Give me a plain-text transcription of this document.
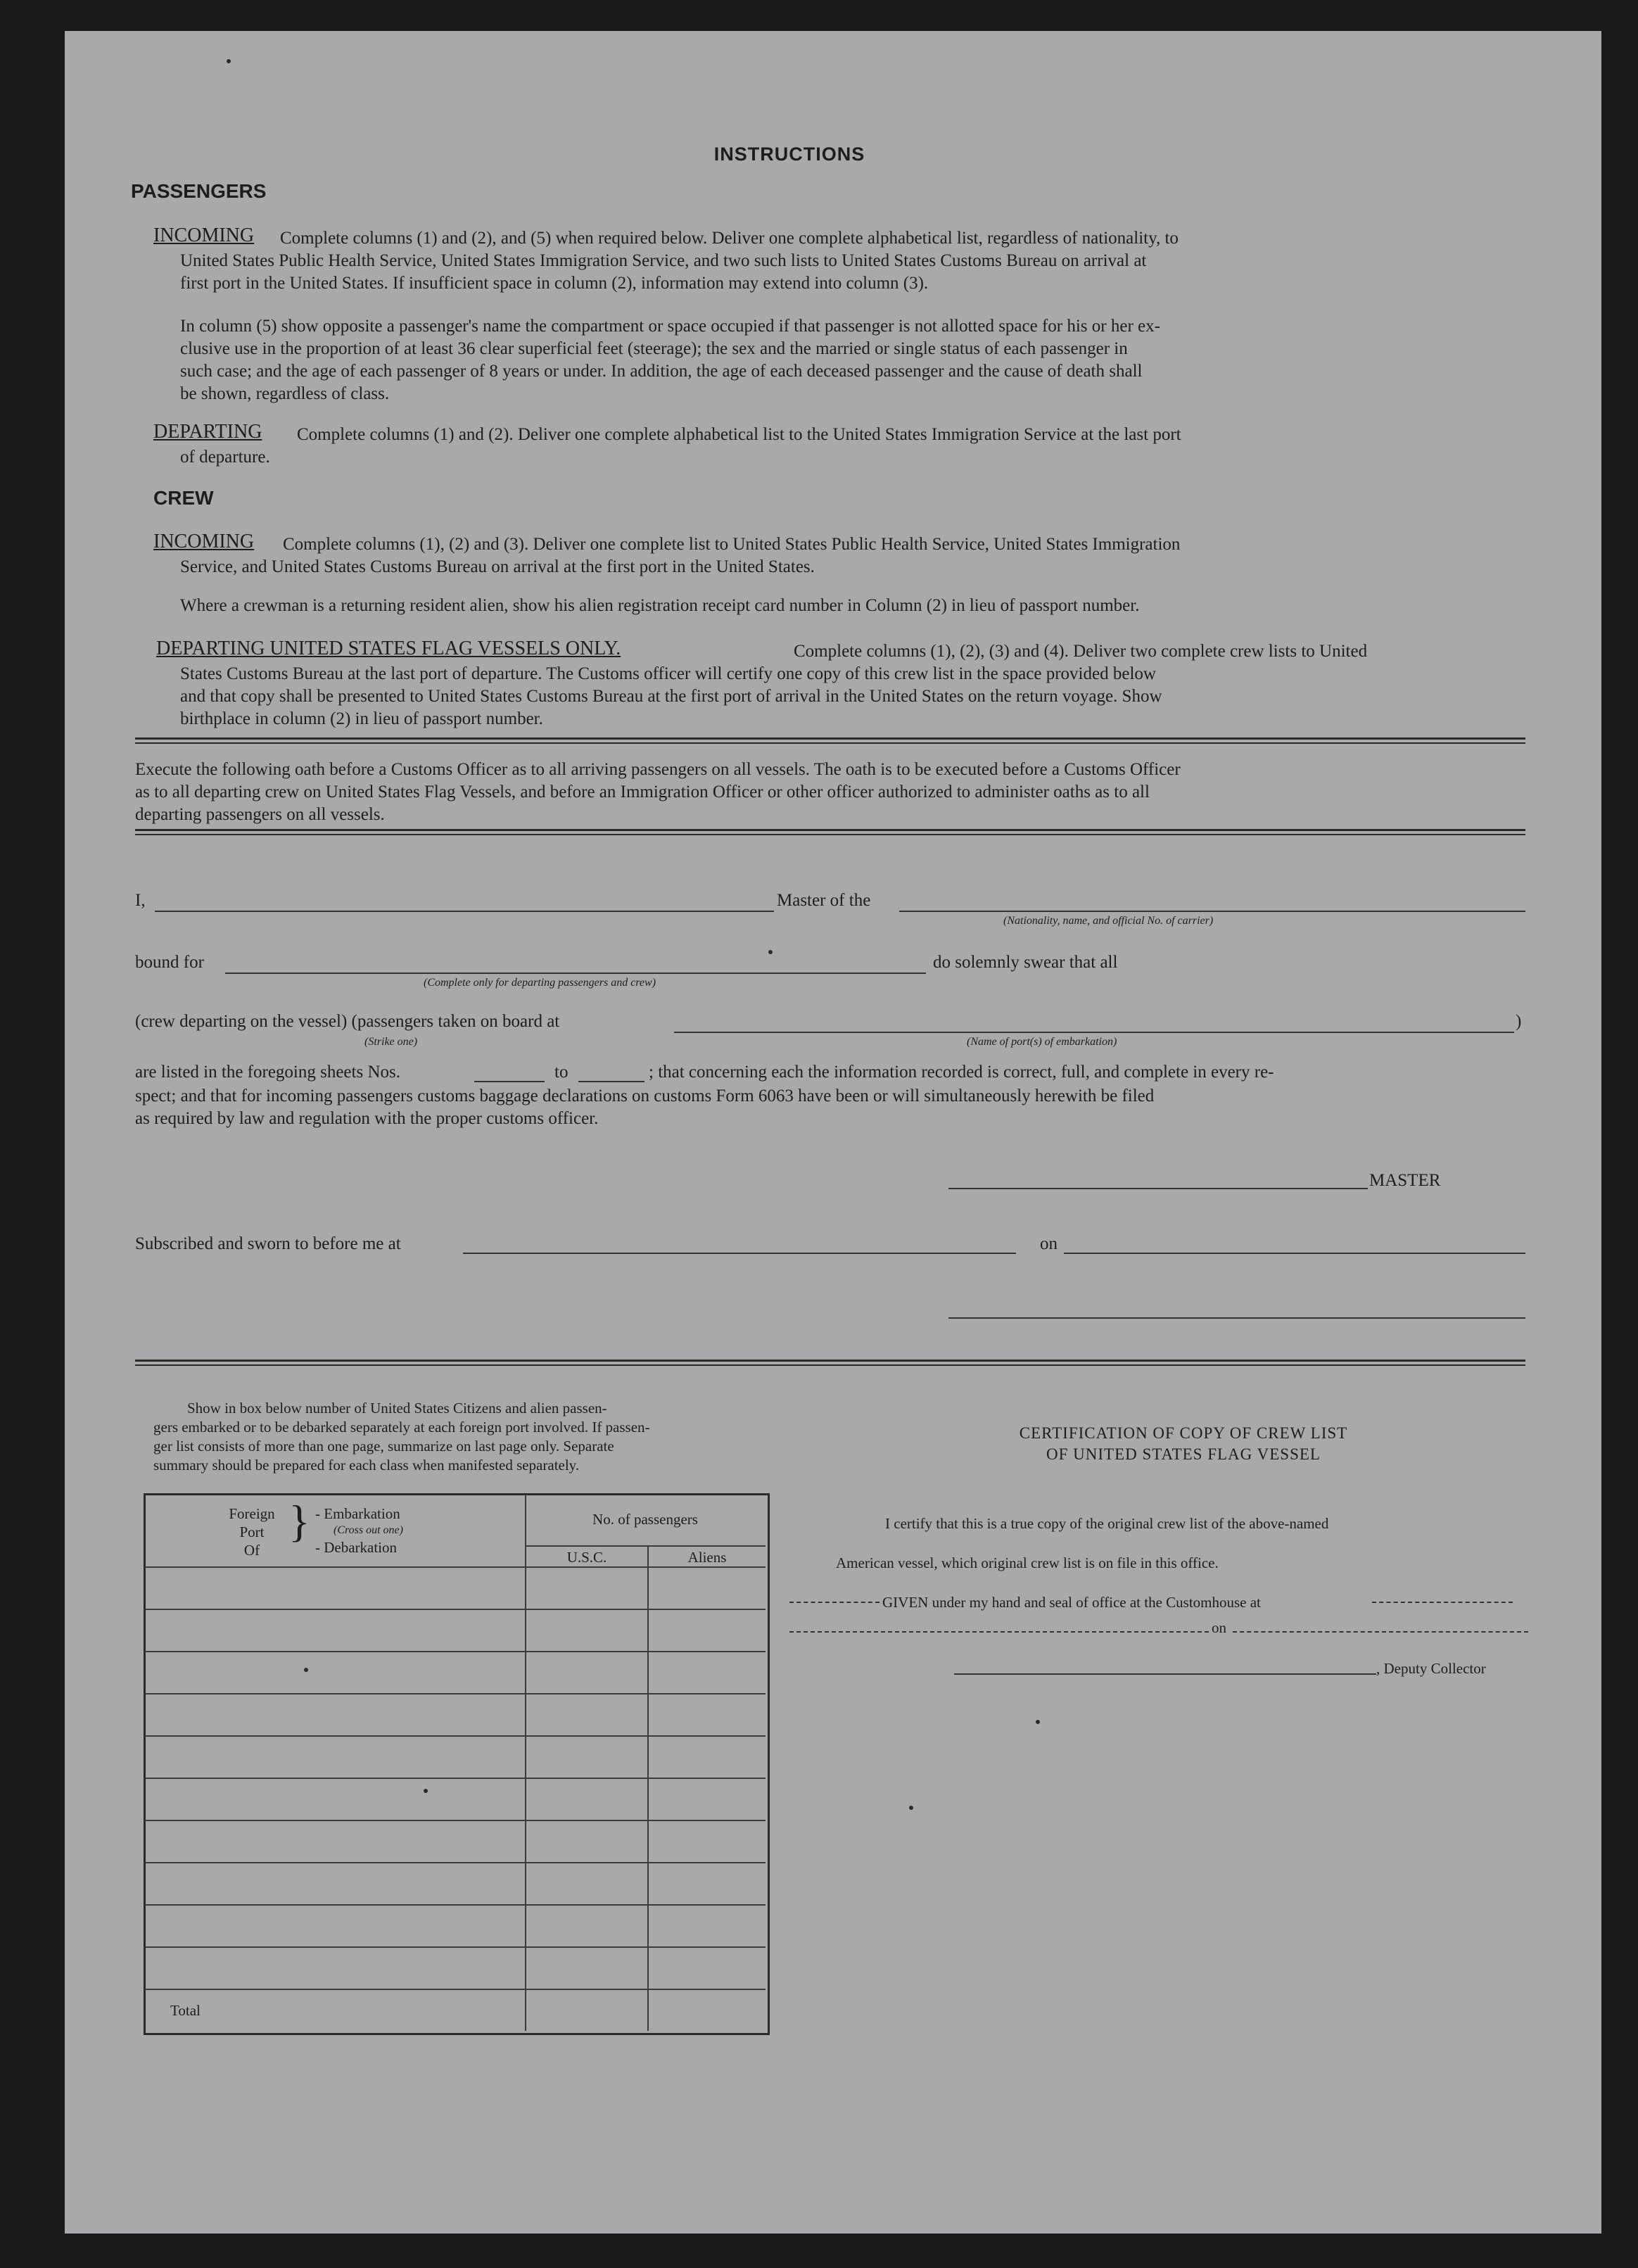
INSTRUCTIONS
PASSENGERS
INCOMING	Complete columns (1) and (2), and (5) when required below. Deliver one complete alphabetical list, regardless of nationality, to
United States Public Health Service, United States Immigration Service, and two such lists to United States Customs Bureau on arrival at
first port in the United States. If insufficient space in column (2), information may extend into column (3).
In column (5) show opposite a passenger's name the compartment or space occupied if that passenger is not allotted space for his or her ex-
clusive use in the proportion of at least 36 clear superficial feet (steerage); the sex and the married or single status of each passenger in
such case; and the age of each passenger of 8 years or under. In addition, the age of each deceased passenger and the cause of death shall
be shown, regardless of class.
DEPARTING	Complete columns (1) and (2). Deliver one complete alphabetical list to the United States Immigration Service at the last port
of departure.
CREW
INCOMING	Complete columns (1), (2) and (3). Deliver one complete list to United States Public Health Service, United States Immigration
Service, and United States Customs Bureau on arrival at the first port in the United States.
Where a crewman is a returning resident alien, show his alien registration receipt card number in Column (2) in lieu of passport number.
DEPARTING UNITED STATES FLAG VESSELS ONLY.	Complete columns (1), (2), (3) and (4). Deliver two complete crew lists to United
States Customs Bureau at the last port of departure. The Customs officer will certify one copy of this crew list in the space provided below
and that copy shall be presented to United States Customs Bureau at the first port of arrival in the United States on the return voyage. Show
birthplace in column (2) in lieu of passport number.
Execute the following oath before a Customs Officer as to all arriving passengers on all vessels. The oath is to be executed before a Customs Officer
as to all departing crew on United States Flag Vessels, and before an Immigration Officer or other officer authorized to administer oaths as to all
departing passengers on all vessels.
I,	Master of the
(Nationality, name, and official No. of carrier)
bound for
(Complete only for departing passengers and crew)
do solemnly swear that all
(crew departing on the vessel) (passengers taken on board at	)
(Strike one)	(Name of port(s) of embarkation)
are listed in the foregoing sheets Nos.	to	; that concerning each the information recorded is correct, full, and complete in every re-
spect; and that for incoming passengers customs baggage declarations on customs Form 6063 have been or will simultaneously herewith be filed
as required by law and regulation with the proper customs officer.
MASTER
Subscribed and sworn to before me at	on
Show in box below number of United States Citizens and alien passen-
gers embarked or to be debarked separately at each foreign port involved. If passen-
ger list consists of more than one page, summarize on last page only. Separate
summary should be prepared for each class when manifested separately.
Foreign
Port
Of
} - Embarkation
(Cross out one)
- Debarkation
No. of passengers
U.S.C.	Aliens
Total
CERTIFICATION OF COPY OF CREW LIST
OF UNITED STATES FLAG VESSEL
I certify that this is a true copy of the original crew list of the above-named
American vessel, which original crew list is on file in this office.
GIVEN under my hand and seal of office at the Customhouse at
on
, Deputy Collector
